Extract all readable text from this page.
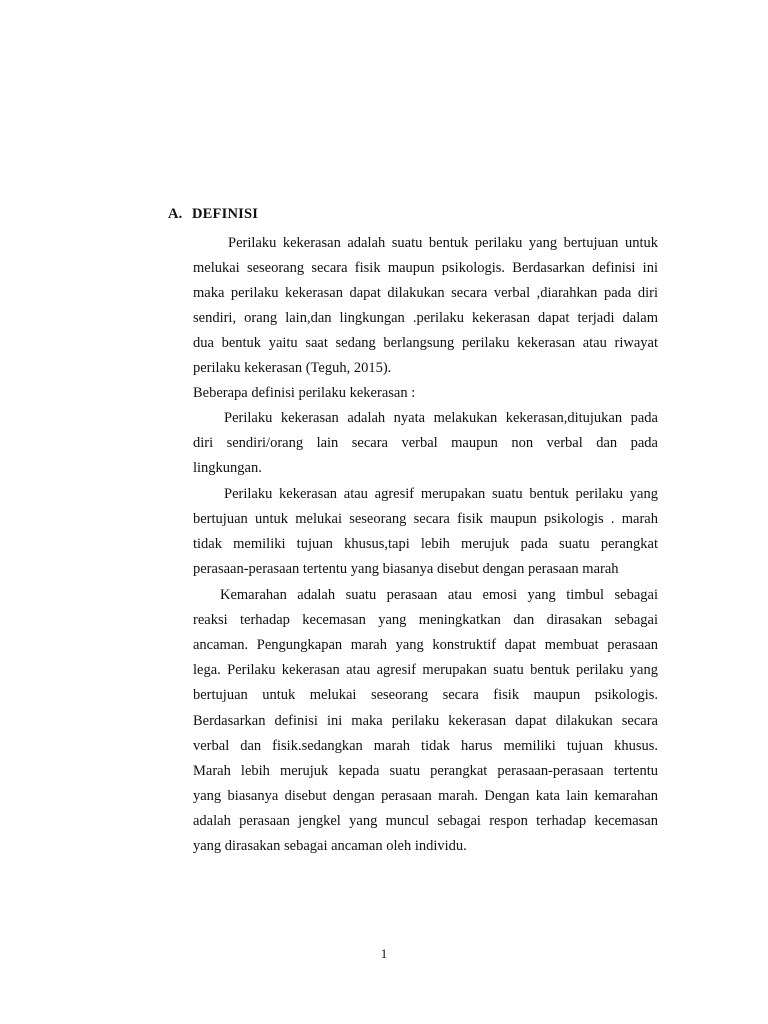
A. DEFINISI
Perilaku kekerasan adalah suatu bentuk perilaku yang bertujuan untuk
melukai seseorang secara fisik maupun psikologis. Berdasarkan definisi ini
maka perilaku kekerasan dapat dilakukan secara verbal ,diarahkan pada diri
sendiri, orang lain,dan lingkungan .perilaku kekerasan dapat terjadi dalam
dua bentuk yaitu saat sedang berlangsung perilaku kekerasan atau riwayat
perilaku kekerasan (Teguh, 2015).
Beberapa definisi perilaku kekerasan :
Perilaku kekerasan adalah nyata melakukan kekerasan,ditujukan pada
diri sendiri/orang lain secara verbal maupun non verbal dan pada
lingkungan.
Perilaku kekerasan atau agresif merupakan suatu bentuk perilaku yang
bertujuan untuk melukai seseorang secara fisik maupun psikologis . marah
tidak memiliki tujuan khusus,tapi lebih merujuk pada suatu perangkat
perasaan-perasaan tertentu yang biasanya disebut dengan perasaan marah
Kemarahan adalah suatu perasaan atau emosi yang timbul sebagai
reaksi terhadap kecemasan yang meningkatkan dan dirasakan sebagai
ancaman. Pengungkapan marah yang konstruktif dapat membuat perasaan
lega. Perilaku kekerasan atau agresif merupakan suatu bentuk perilaku yang
bertujuan untuk melukai seseorang secara fisik maupun psikologis.
Berdasarkan definisi ini maka perilaku kekerasan dapat dilakukan secara
verbal dan fisik.sedangkan marah tidak harus memiliki tujuan khusus.
Marah lebih merujuk kepada suatu perangkat perasaan-perasaan tertentu
yang biasanya disebut dengan perasaan marah. Dengan kata lain kemarahan
adalah perasaan jengkel yang muncul sebagai respon terhadap kecemasan
yang dirasakan sebagai ancaman oleh individu.
1
